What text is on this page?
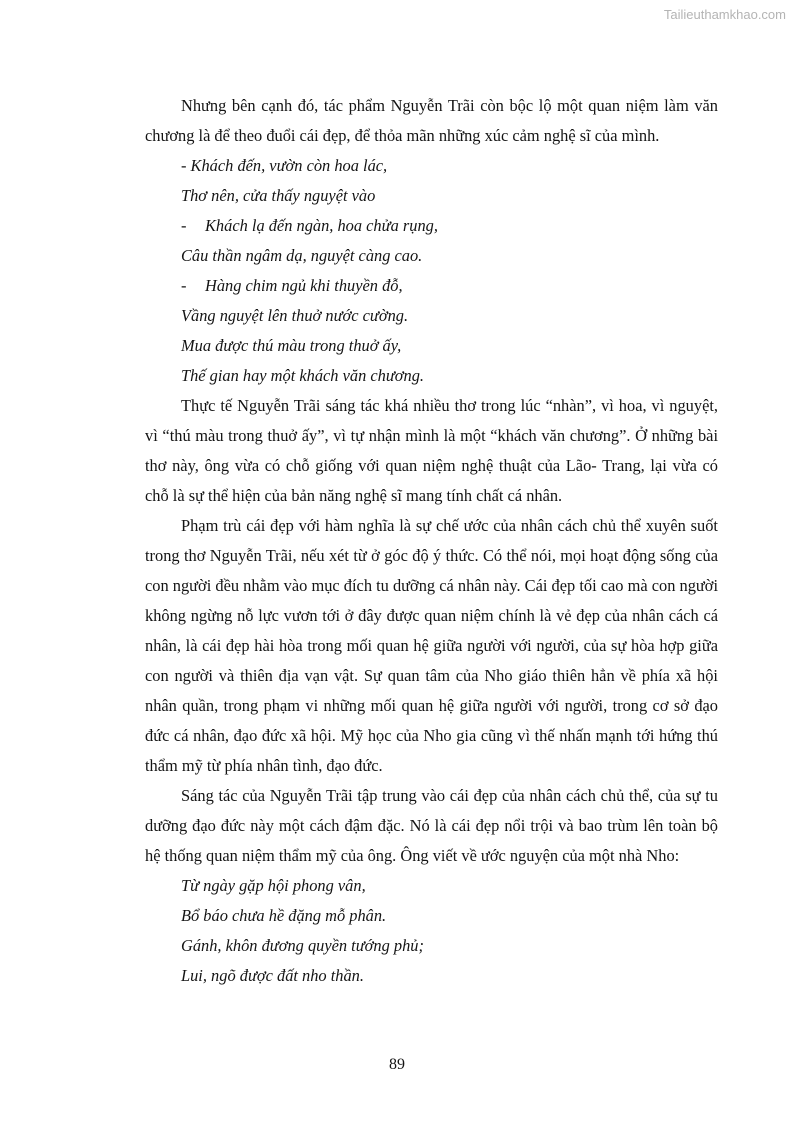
Tailieuthamkhao.com

Nhưng bên cạnh đó, tác phẩm Nguyễn Trãi còn bộc lộ một quan niệm làm văn chương là để theo đuổi cái đẹp, để thỏa mãn những xúc cảm nghệ sĩ của mình.

- Khách đến, vườn còn hoa lác,

Thơ nên, cửa thấy nguyệt vào

- Khách lạ đến ngàn, hoa chửa rụng,

Câu thần ngâm dạ, nguyệt càng cao.

- Hàng chim ngủ khi thuyền đỗ,

Vầng nguyệt lên thuở nước cường.

Mua được thú màu trong thuở ấy,

Thế gian hay một khách văn chương.

Thực tế Nguyễn Trãi sáng tác khá nhiều thơ trong lúc “nhàn”, vì hoa, vì nguyệt, vì “thú màu trong thuở ấy”, vì tự nhận mình là một “khách văn chương”. Ở những bài thơ này, ông vừa có chỗ giống với quan niệm nghệ thuật của Lão- Trang, lại vừa có chỗ là sự thể hiện của bản năng nghệ sĩ mang tính chất cá nhân.

Phạm trù cái đẹp với hàm nghĩa là sự chế ước của nhân cách chủ thể xuyên suốt trong thơ Nguyễn Trãi, nếu xét từ ở góc độ ý thức. Có thể nói, mọi hoạt động sống của con người đều nhằm vào mục đích tu dưỡng cá nhân này. Cái đẹp tối cao mà con người không ngừng nỗ lực vươn tới ở đây được quan niệm chính là vẻ đẹp của nhân cách cá nhân, là cái đẹp hài hòa trong mối quan hệ giữa người với người, của sự hòa hợp giữa con người và thiên địa vạn vật. Sự quan tâm của Nho giáo thiên hẳn về phía xã hội nhân quần, trong phạm vi những mối quan hệ giữa người với người, trong cơ sở đạo đức cá nhân, đạo đức xã hội. Mỹ học của Nho gia cũng vì thế nhấn mạnh tới hứng thú thẩm mỹ từ phía nhân tình, đạo đức.

Sáng tác của Nguyễn Trãi tập trung vào cái đẹp của nhân cách chủ thể, của sự tu dưỡng đạo đức này một cách đậm đặc. Nó là cái đẹp nổi trội và bao trùm lên toàn bộ hệ thống quan niệm thẩm mỹ của ông. Ông viết về ước nguyện của một nhà Nho:

Từ ngày gặp hội phong vân,

Bổ báo chưa hề đặng mỗ phân.

Gánh, khôn đương quyền tướng phủ;

Lui, ngõ được đất nho thần.

89
